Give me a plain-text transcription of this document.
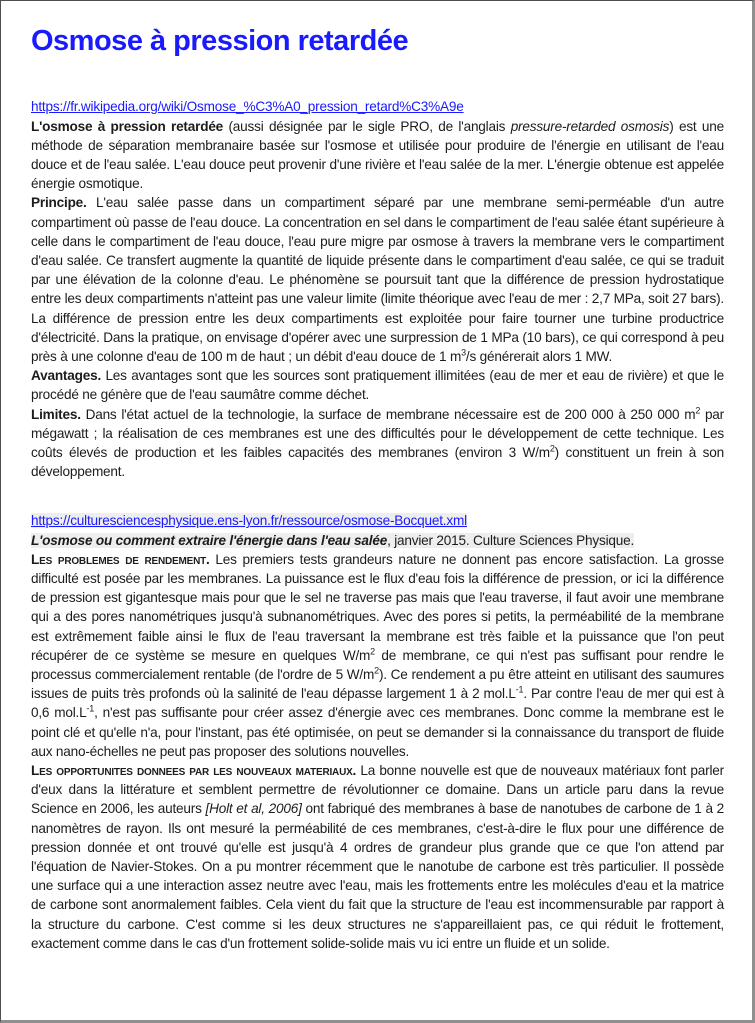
Osmose à pression retardée

https://fr.wikipedia.org/wiki/Osmose_%C3%A0_pression_retard%C3%A9e

L'osmose à pression retardée (aussi désignée par le sigle PRO, de l'anglais pressure-retarded osmosis) est une méthode de séparation membranaire basée sur l'osmose et utilisée pour produire de l'énergie en utilisant de l'eau douce et de l'eau salée. L'eau douce peut provenir d'une rivière et l'eau salée de la mer. L'énergie obtenue est appelée énergie osmotique.

Principe. L'eau salée passe dans un compartiment séparé par une membrane semi-perméable d'un autre compartiment où passe de l'eau douce. La concentration en sel dans le compartiment de l'eau salée étant supérieure à celle dans le compartiment de l'eau douce, l'eau pure migre par osmose à travers la membrane vers le compartiment d'eau salée. Ce transfert augmente la quantité de liquide présente dans le compartiment d'eau salée, ce qui se traduit par une élévation de la colonne d'eau. Le phénomène se poursuit tant que la différence de pression hydrostatique entre les deux compartiments n'atteint pas une valeur limite (limite théorique avec l'eau de mer : 2,7 MPa, soit 27 bars). La différence de pression entre les deux compartiments est exploitée pour faire tourner une turbine productrice d'électricité. Dans la pratique, on envisage d'opérer avec une surpression de 1 MPa (10 bars), ce qui correspond à peu près à une colonne d'eau de 100 m de haut ; un débit d'eau douce de 1 $m^3/s$ générerait alors 1 MW.

Avantages. Les avantages sont que les sources sont pratiquement illimitées (eau de mer et eau de rivière) et que le procédé ne génère que de l'eau saumâtre comme déchet.

Limites. Dans l'état actuel de la technologie, la surface de membrane nécessaire est de 200 000 à 250 000 $m^2$ par mégawatt ; la réalisation de ces membranes est une des difficultés pour le développement de cette technique. Les coûts élevés de production et les faibles capacités des membranes (environ 3 $W/m^2$) constituent un frein à son développement.

https://culturesciencesphysique.ens-lyon.fr/ressource/osmose-Bocquet.xml

L'osmose ou comment extraire l'énergie dans l'eau salée, janvier 2015. Culture Sciences Physique.

Les problemes de rendement. Les premiers tests grandeurs nature ne donnent pas encore satisfaction. La grosse difficulté est posée par les membranes. La puissance est le flux d'eau fois la différence de pression, or ici la différence de pression est gigantesque mais pour que le sel ne traverse pas mais que l'eau traverse, il faut avoir une membrane qui a des pores nanométriques jusqu'à subnanométriques. Avec des pores si petits, la perméabilité de la membrane est extrêmement faible ainsi le flux de l'eau traversant la membrane est très faible et la puissance que l'on peut récupérer de ce système se mesure en quelques $W/m^2$ de membrane, ce qui n'est pas suffisant pour rendre le processus commercialement rentable (de l'ordre de 5 $W/m^2$). Ce rendement a pu être atteint en utilisant des saumures issues de puits très profonds où la salinité de l'eau dépasse largement 1 à 2 $mol.L^{-1}$. Par contre l'eau de mer qui est à 0,6 $mol.L^{-1}$, n'est pas suffisante pour créer assez d'énergie avec ces membranes. Donc comme la membrane est le point clé et qu'elle n'a, pour l'instant, pas été optimisée, on peut se demander si la connaissance du transport de fluide aux nano-échelles ne peut pas proposer des solutions nouvelles.

Les opportunites donnees par les nouveaux materiaux. La bonne nouvelle est que de nouveaux matériaux font parler d'eux dans la littérature et semblent permettre de révolutionner ce domaine. Dans un article paru dans la revue Science en 2006, les auteurs [Holt et al, 2006] ont fabriqué des membranes à base de nanotubes de carbone de 1 à 2 nanomètres de rayon. Ils ont mesuré la perméabilité de ces membranes, c'est-à-dire le flux pour une différence de pression donnée et ont trouvé qu'elle est jusqu'à 4 ordres de grandeur plus grande que ce que l'on attend par l'équation de Navier-Stokes. On a pu montrer récemment que le nanotube de carbone est très particulier. Il possède une surface qui a une interaction assez neutre avec l'eau, mais les frottements entre les molécules d'eau et la matrice de carbone sont anormalement faibles. Cela vient du fait que la structure de l'eau est incommensurable par rapport à la structure du carbone. C'est comme si les deux structures ne s'appareillaient pas, ce qui réduit le frottement, exactement comme dans le cas d'un frottement solide-solide mais vu ici entre un fluide et un solide.
